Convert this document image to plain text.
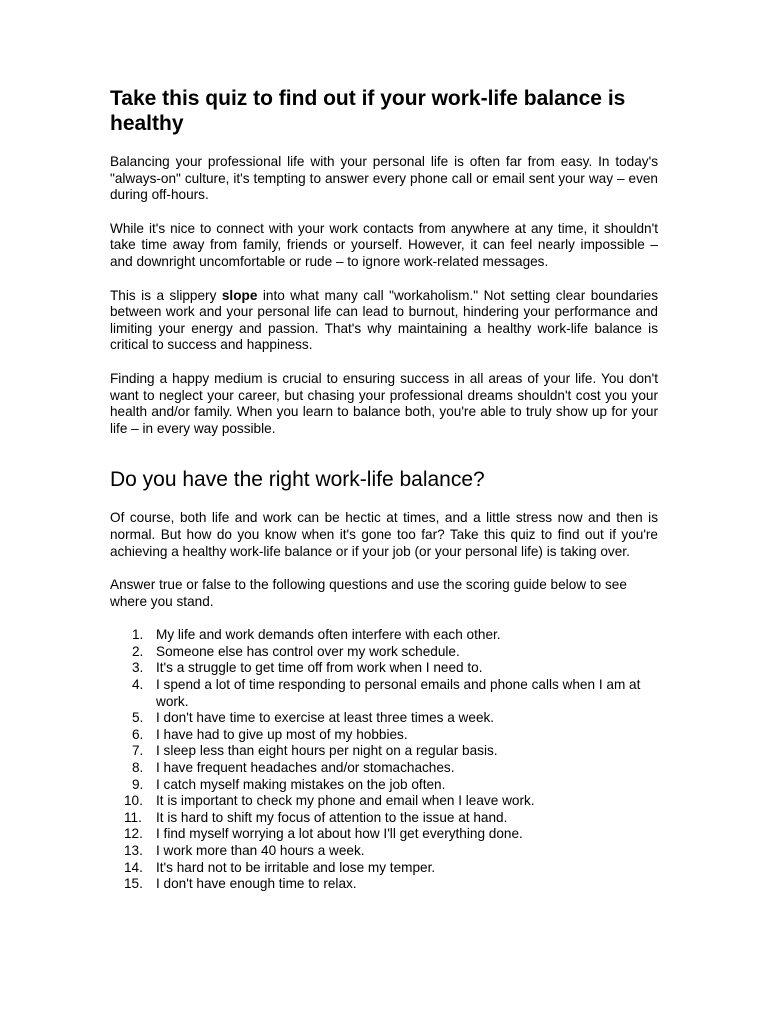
Take this quiz to find out if your work-life balance is healthy

Balancing your professional life with your personal life is often far from easy. In today's "always-on" culture, it's tempting to answer every phone call or email sent your way – even during off-hours.

While it's nice to connect with your work contacts from anywhere at any time, it shouldn't take time away from family, friends or yourself. However, it can feel nearly impossible – and downright uncomfortable or rude – to ignore work-related messages.

This is a slippery slope into what many call "workaholism." Not setting clear boundaries between work and your personal life can lead to burnout, hindering your performance and limiting your energy and passion. That's why maintaining a healthy work-life balance is critical to success and happiness.

Finding a happy medium is crucial to ensuring success in all areas of your life. You don't want to neglect your career, but chasing your professional dreams shouldn't cost you your health and/or family. When you learn to balance both, you're able to truly show up for your life – in every way possible.

Do you have the right work-life balance?

Of course, both life and work can be hectic at times, and a little stress now and then is normal. But how do you know when it's gone too far? Take this quiz to find out if you're achieving a healthy work-life balance or if your job (or your personal life) is taking over.

Answer true or false to the following questions and use the scoring guide below to see where you stand.

1. My life and work demands often interfere with each other.
2. Someone else has control over my work schedule.
3. It's a struggle to get time off from work when I need to.
4. I spend a lot of time responding to personal emails and phone calls when I am at work.
5. I don't have time to exercise at least three times a week.
6. I have had to give up most of my hobbies.
7. I sleep less than eight hours per night on a regular basis.
8. I have frequent headaches and/or stomachaches.
9. I catch myself making mistakes on the job often.
10. It is important to check my phone and email when I leave work.
11.	It is hard to shift my focus of attention to the issue at hand.
12. I find myself worrying a lot about how I'll get everything done.
13. I work more than 40 hours a week.
14. It's hard not to be irritable and lose my temper.
15. I don't have enough time to relax.
